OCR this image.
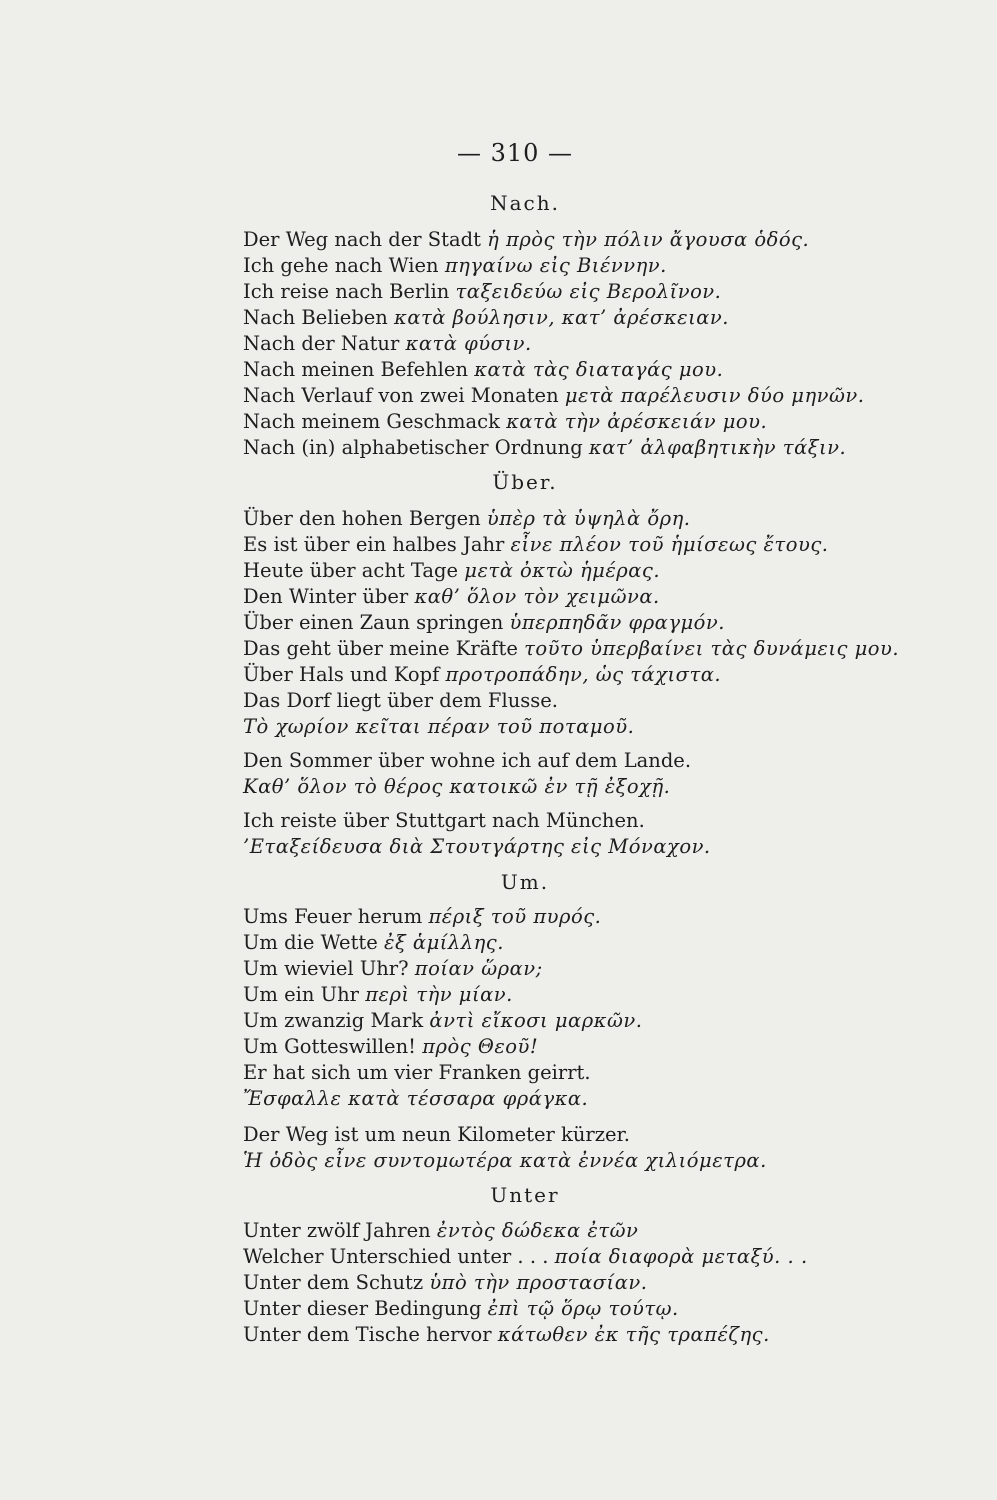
— 310 —
Nach.
Der Weg nach der Stadt ἡ πρὸς τὴν πόλιν ἄγουσα ὁδός.
Ich gehe nach Wien πηγαίνω εἰς Βιέννην.
Ich reise nach Berlin ταξειδεύω εἰς Βερολῖνον.
Nach Belieben κατὰ βούλησιν, κατ’ ἀρέσκειαν.
Nach der Natur κατὰ φύσιν.
Nach meinen Befehlen κατὰ τὰς διαταγάς μου.
Nach Verlauf von zwei Monaten μετὰ παρέλευσιν δύο μηνῶν.
Nach meinem Geschmack κατὰ τὴν ἀρέσκειάν μου.
Nach (in) alphabetischer Ordnung κατ’ ἀλφαβητικὴν τάξιν.
Über.
Über den hohen Bergen ὑπὲρ τὰ ὑψηλὰ ὄρη.
Es ist über ein halbes Jahr εἶνε πλέον τοῦ ἡμίσεως ἔτους.
Heute über acht Tage μετὰ ὀκτὼ ἡμέρας.
Den Winter über καθ’ ὅλον τὸν χειμῶνα.
Über einen Zaun springen ὑπερπηδᾶν φραγμόν.
Das geht über meine Kräfte τοῦτο ὑπερβαίνει τὰς δυνάμεις μου.
Über Hals und Kopf προτροπάδην, ὡς τάχιστα.
Das Dorf liegt über dem Flusse.
Τὸ χωρίον κεῖται πέραν τοῦ ποταμοῦ.
Den Sommer über wohne ich auf dem Lande.
Καθ’ ὅλον τὸ θέρος κατοικῶ ἐν τῇ ἐξοχῇ.
Ich reiste über Stuttgart nach München.
’Εταξείδευσα διὰ Στουτγάρτης εἰς Μόναχον.
Um.
Ums Feuer herum πέριξ τοῦ πυρός.
Um die Wette ἐξ ἁμίλλης.
Um wieviel Uhr? ποίαν ὥραν;
Um ein Uhr περὶ τὴν μίαν.
Um zwanzig Mark ἀντὶ εἴκοσι μαρκῶν.
Um Gotteswillen! πρὸς Θεοῦ!
Er hat sich um vier Franken geirrt.
Ἔσφαλλε κατὰ τέσσαρα φράγκα.
Der Weg ist um neun Kilometer kürzer.
Ἡ ὁδὸς εἶνε συντομωτέρα κατὰ ἐννέα χιλιόμετρα.
Unter
Unter zwölf Jahren ἐντὸς δώδεκα ἐτῶν
Welcher Unterschied unter . . . ποία διαφορὰ μεταξύ. . .
Unter dem Schutz ὑπὸ τὴν προστασίαν.
Unter dieser Bedingung ἐπὶ τῷ ὅρῳ τούτῳ.
Unter dem Tische hervor κάτωθεν ἐκ τῆς τραπέζης.
